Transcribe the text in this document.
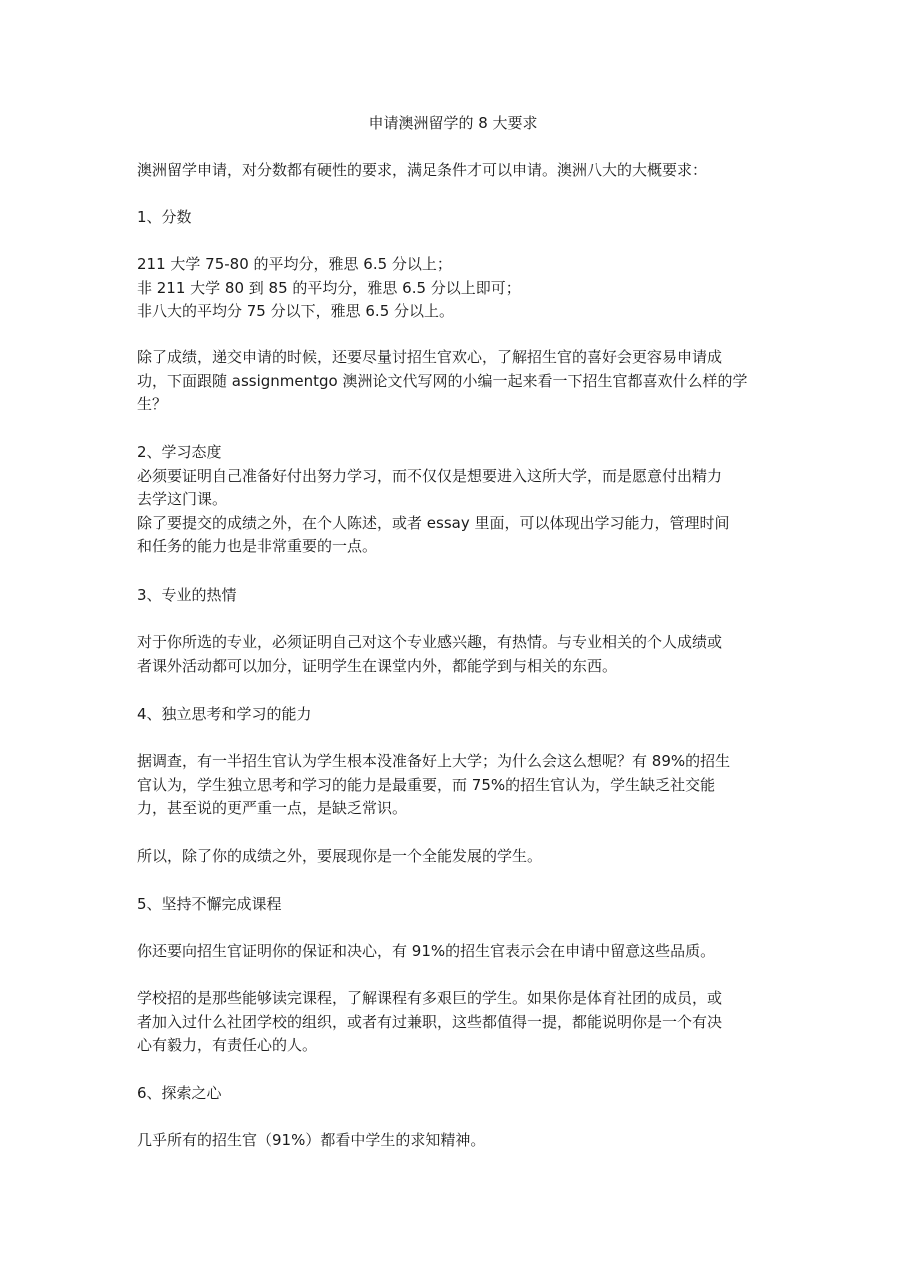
申请澳洲留学的 8 大要求
澳洲留学申请，对分数都有硬性的要求，满足条件才可以申请。澳洲八大的大概要求：
1、分数
211 大学 75-80 的平均分，雅思 6.5 分以上；
非 211 大学 80 到 85 的平均分，雅思 6.5 分以上即可；
非八大的平均分 75 分以下，雅思 6.5 分以上。
除了成绩，递交申请的时候，还要尽量讨招生官欢心，了解招生官的喜好会更容易申请成
功，下面跟随 assignmentgo 澳洲论文代写网的小编一起来看一下招生官都喜欢什么样的学
生？
2、学习态度
必须要证明自己准备好付出努力学习，而不仅仅是想要进入这所大学，而是愿意付出精力
去学这门课。
除了要提交的成绩之外，在个人陈述，或者 essay 里面，可以体现出学习能力，管理时间
和任务的能力也是非常重要的一点。
3、专业的热情
对于你所选的专业，必须证明自己对这个专业感兴趣，有热情。与专业相关的个人成绩或
者课外活动都可以加分，证明学生在课堂内外，都能学到与相关的东西。
4、独立思考和学习的能力
据调查，有一半招生官认为学生根本没准备好上大学；为什么会这么想呢？有 89%的招生
官认为，学生独立思考和学习的能力是最重要，而 75%的招生官认为，学生缺乏社交能
力，甚至说的更严重一点，是缺乏常识。
所以，除了你的成绩之外，要展现你是一个全能发展的学生。
5、坚持不懈完成课程
你还要向招生官证明你的保证和决心，有 91%的招生官表示会在申请中留意这些品质。
学校招的是那些能够读完课程，了解课程有多艰巨的学生。如果你是体育社团的成员，或
者加入过什么社团学校的组织，或者有过兼职，这些都值得一提，都能说明你是一个有决
心有毅力，有责任心的人。
6、探索之心
几乎所有的招生官（91%）都看中学生的求知精神。
